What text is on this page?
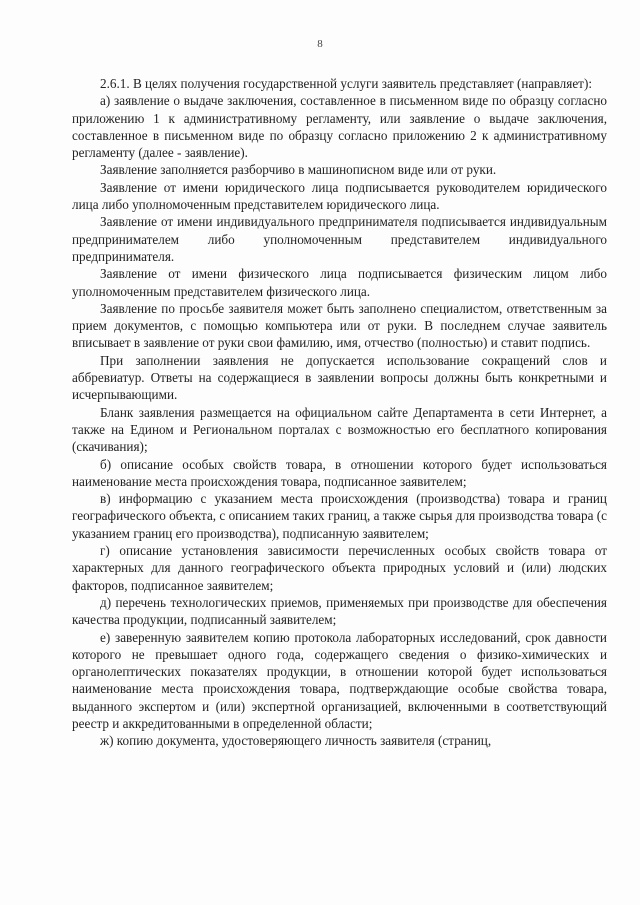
8

2.6.1. В целях получения государственной услуги заявитель представляет (направляет):

а) заявление о выдаче заключения, составленное в письменном виде по образцу согласно приложению 1 к административному регламенту, или заявление о выдаче заключения, составленное в письменном виде по образцу согласно приложению 2 к административному регламенту (далее - заявление).

Заявление заполняется разборчиво в машинописном виде или от руки.

Заявление от имени юридического лица подписывается руководителем юридического лица либо уполномоченным представителем юридического лица.

Заявление от имени индивидуального предпринимателя подписывается индивидуальным предпринимателем либо уполномоченным представителем индивидуального предпринимателя.

Заявление от имени физического лица подписывается физическим лицом либо уполномоченным представителем физического лица.

Заявление по просьбе заявителя может быть заполнено специалистом, ответственным за прием документов, с помощью компьютера или от руки. В последнем случае заявитель вписывает в заявление от руки свои фамилию, имя, отчество (полностью) и ставит подпись.

При заполнении заявления не допускается использование сокращений слов и аббревиатур. Ответы на содержащиеся в заявлении вопросы должны быть конкретными и исчерпывающими.

Бланк заявления размещается на официальном сайте Департамента в сети Интернет, а также на Едином и Региональном порталах с возможностью его бесплатного копирования (скачивания);

б) описание особых свойств товара, в отношении которого будет использоваться наименование места происхождения товара, подписанное заявителем;

в) информацию с указанием места происхождения (производства) товара и границ географического объекта, с описанием таких границ, а также сырья для производства товара (с указанием границ его производства), подписанную заявителем;

г) описание установления зависимости перечисленных особых свойств товара от характерных для данного географического объекта природных условий и (или) людских факторов, подписанное заявителем;

д) перечень технологических приемов, применяемых при производстве для обеспечения качества продукции, подписанный заявителем;

е) заверенную заявителем копию протокола лабораторных исследований, срок давности которого не превышает одного года, содержащего сведения о физико-химических и органолептических показателях продукции, в отношении которой будет использоваться наименование места происхождения товара, подтверждающие особые свойства товара, выданного экспертом и (или) экспертной организацией, включенными в соответствующий реестр и аккредитованными в определенной области;

ж) копию документа, удостоверяющего личность заявителя (страниц,
